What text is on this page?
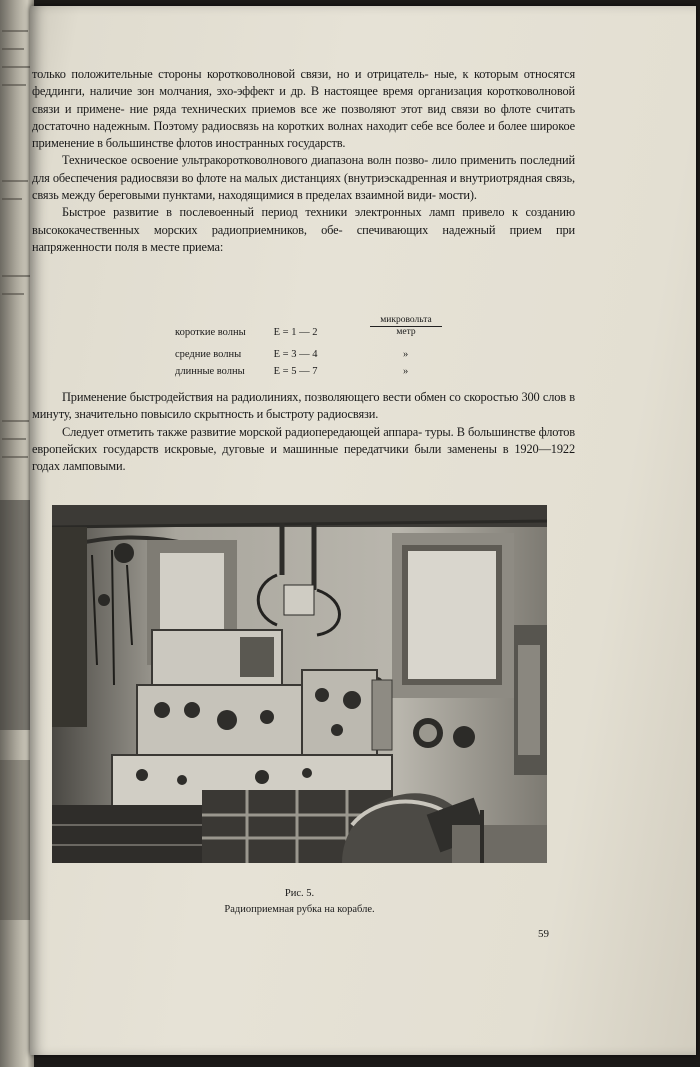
только положительные стороны коротковолновой связи, но и отрицатель- ные, к которым относятся феддинги, наличие зон молчания, эхо-эффект и др. В настоящее время организация коротковолновой связи и примене- ние ряда технических приемов все же позволяют этот вид связи во флоте считать достаточно надежным. Поэтому радиосвязь на коротких волнах находит себе все более и более широкое применение в большинстве флотов иностранных государств.

Техническое освоение ультракоротковолнового диапазона волн позво- лило применить последний для обеспечения радиосвязи во флоте на малых дистанциях (внутриэскадренная и внутриотрядная связь, связь между береговыми пунктами, находящимися в пределах взаимной види- мости).

Быстрое развитие в послевоенный период техники электронных ламп привело к созданию высококачественных морских радиоприемников, обе- спечивающих надежный прием при напряженности поля в месте приема:

короткие волны	E = 1 — 2
микровольта
метр
средние волны	E = 3 — 4	»
длинные волны	E = 5 — 7	»

Применение быстродействия на радиолиниях, позволяющего вести обмен со скоростью 300 слов в минуту, значительно повысило скрытность и быстроту радиосвязи.

Следует отметить также развитие морской радиопередающей аппара- туры. В большинстве флотов европейских государств искровые, дуговые и машинные передатчики были заменены в 1920—1922 годах ламповыми.

Рис. 5.
Радиоприемная рубка на корабле.
59
